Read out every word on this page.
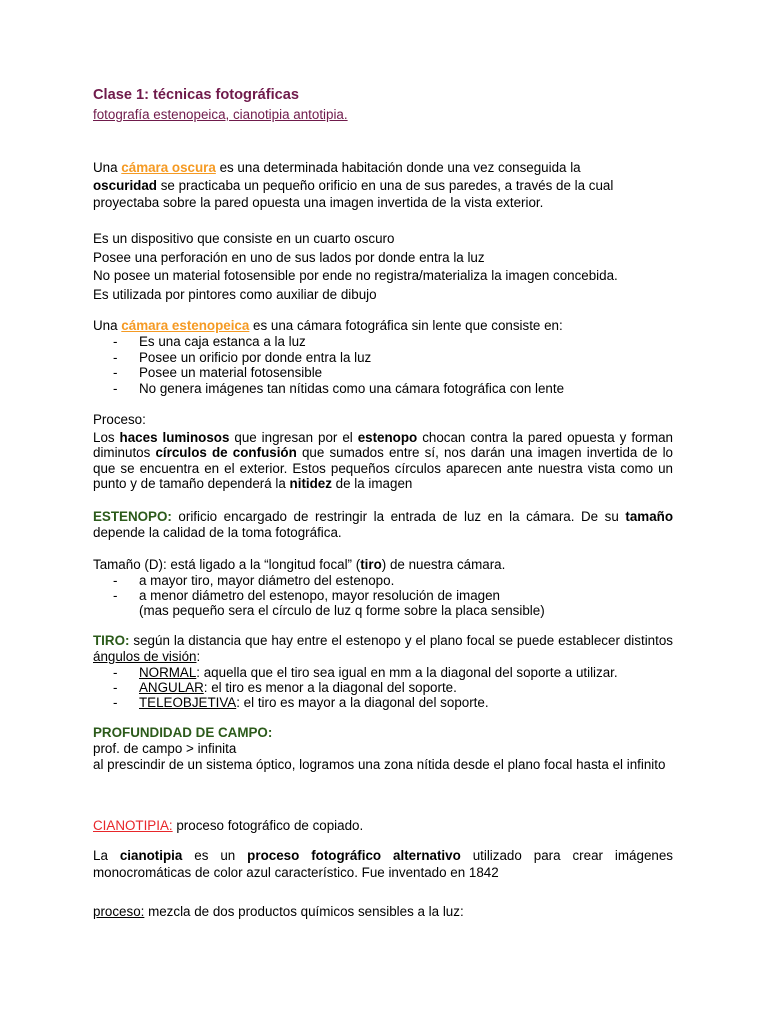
Clase 1: técnicas fotográficas
fotografía estenopeica, cianotipia antotipia.
Una cámara oscura es una determinada habitación donde una vez conseguida la
oscuridad se practicaba un pequeño orificio en una de sus paredes, a través de la cual
proyectaba sobre la pared opuesta una imagen invertida de la vista exterior.
Es un dispositivo que consiste en un cuarto oscuro
Posee una perforación en uno de sus lados por donde entra la luz
No posee un material fotosensible por ende no registra/materializa la imagen concebida.
Es utilizada por pintores como auxiliar de dibujo
Una cámara estenopeica es una cámara fotográfica sin lente que consiste en:
- Es una caja estanca a la luz
- Posee un orificio por donde entra la luz
- Posee un material fotosensible
- No genera imágenes tan nítidas como una cámara fotográfica con lente
Proceso:
Los haces luminosos que ingresan por el estenopo chocan contra la pared opuesta y forman diminutos círculos de confusión que sumados entre sí, nos darán una imagen invertida de lo que se encuentra en el exterior. Estos pequeños círculos aparecen ante nuestra vista como un punto y de tamaño dependerá la nitidez de la imagen
ESTENOPO: orificio encargado de restringir la entrada de luz en la cámara. De su tamaño depende la calidad de la toma fotográfica.
Tamaño (D): está ligado a la “longitud focal” (tiro) de nuestra cámara.
- a mayor tiro, mayor diámetro del estenopo.
- a menor diámetro del estenopo, mayor resolución de imagen
(mas pequeño sera el círculo de luz q forme sobre la placa sensible)
TIRO: según la distancia que hay entre el estenopo y el plano focal se puede establecer distintos ángulos de visión:
- NORMAL: aquella que el tiro sea igual en mm a la diagonal del soporte a utilizar.
- ANGULAR: el tiro es menor a la diagonal del soporte.
- TELEOBJETIVA: el tiro es mayor a la diagonal del soporte.
PROFUNDIDAD DE CAMPO:
prof. de campo > infinita
al prescindir de un sistema óptico, logramos una zona nítida desde el plano focal hasta el infinito
CIANOTIPIA: proceso fotográfico de copiado.
La cianotipia es un proceso fotográfico alternativo utilizado para crear imágenes monocromáticas de color azul característico. Fue inventado en 1842
proceso: mezcla de dos productos químicos sensibles a la luz:
